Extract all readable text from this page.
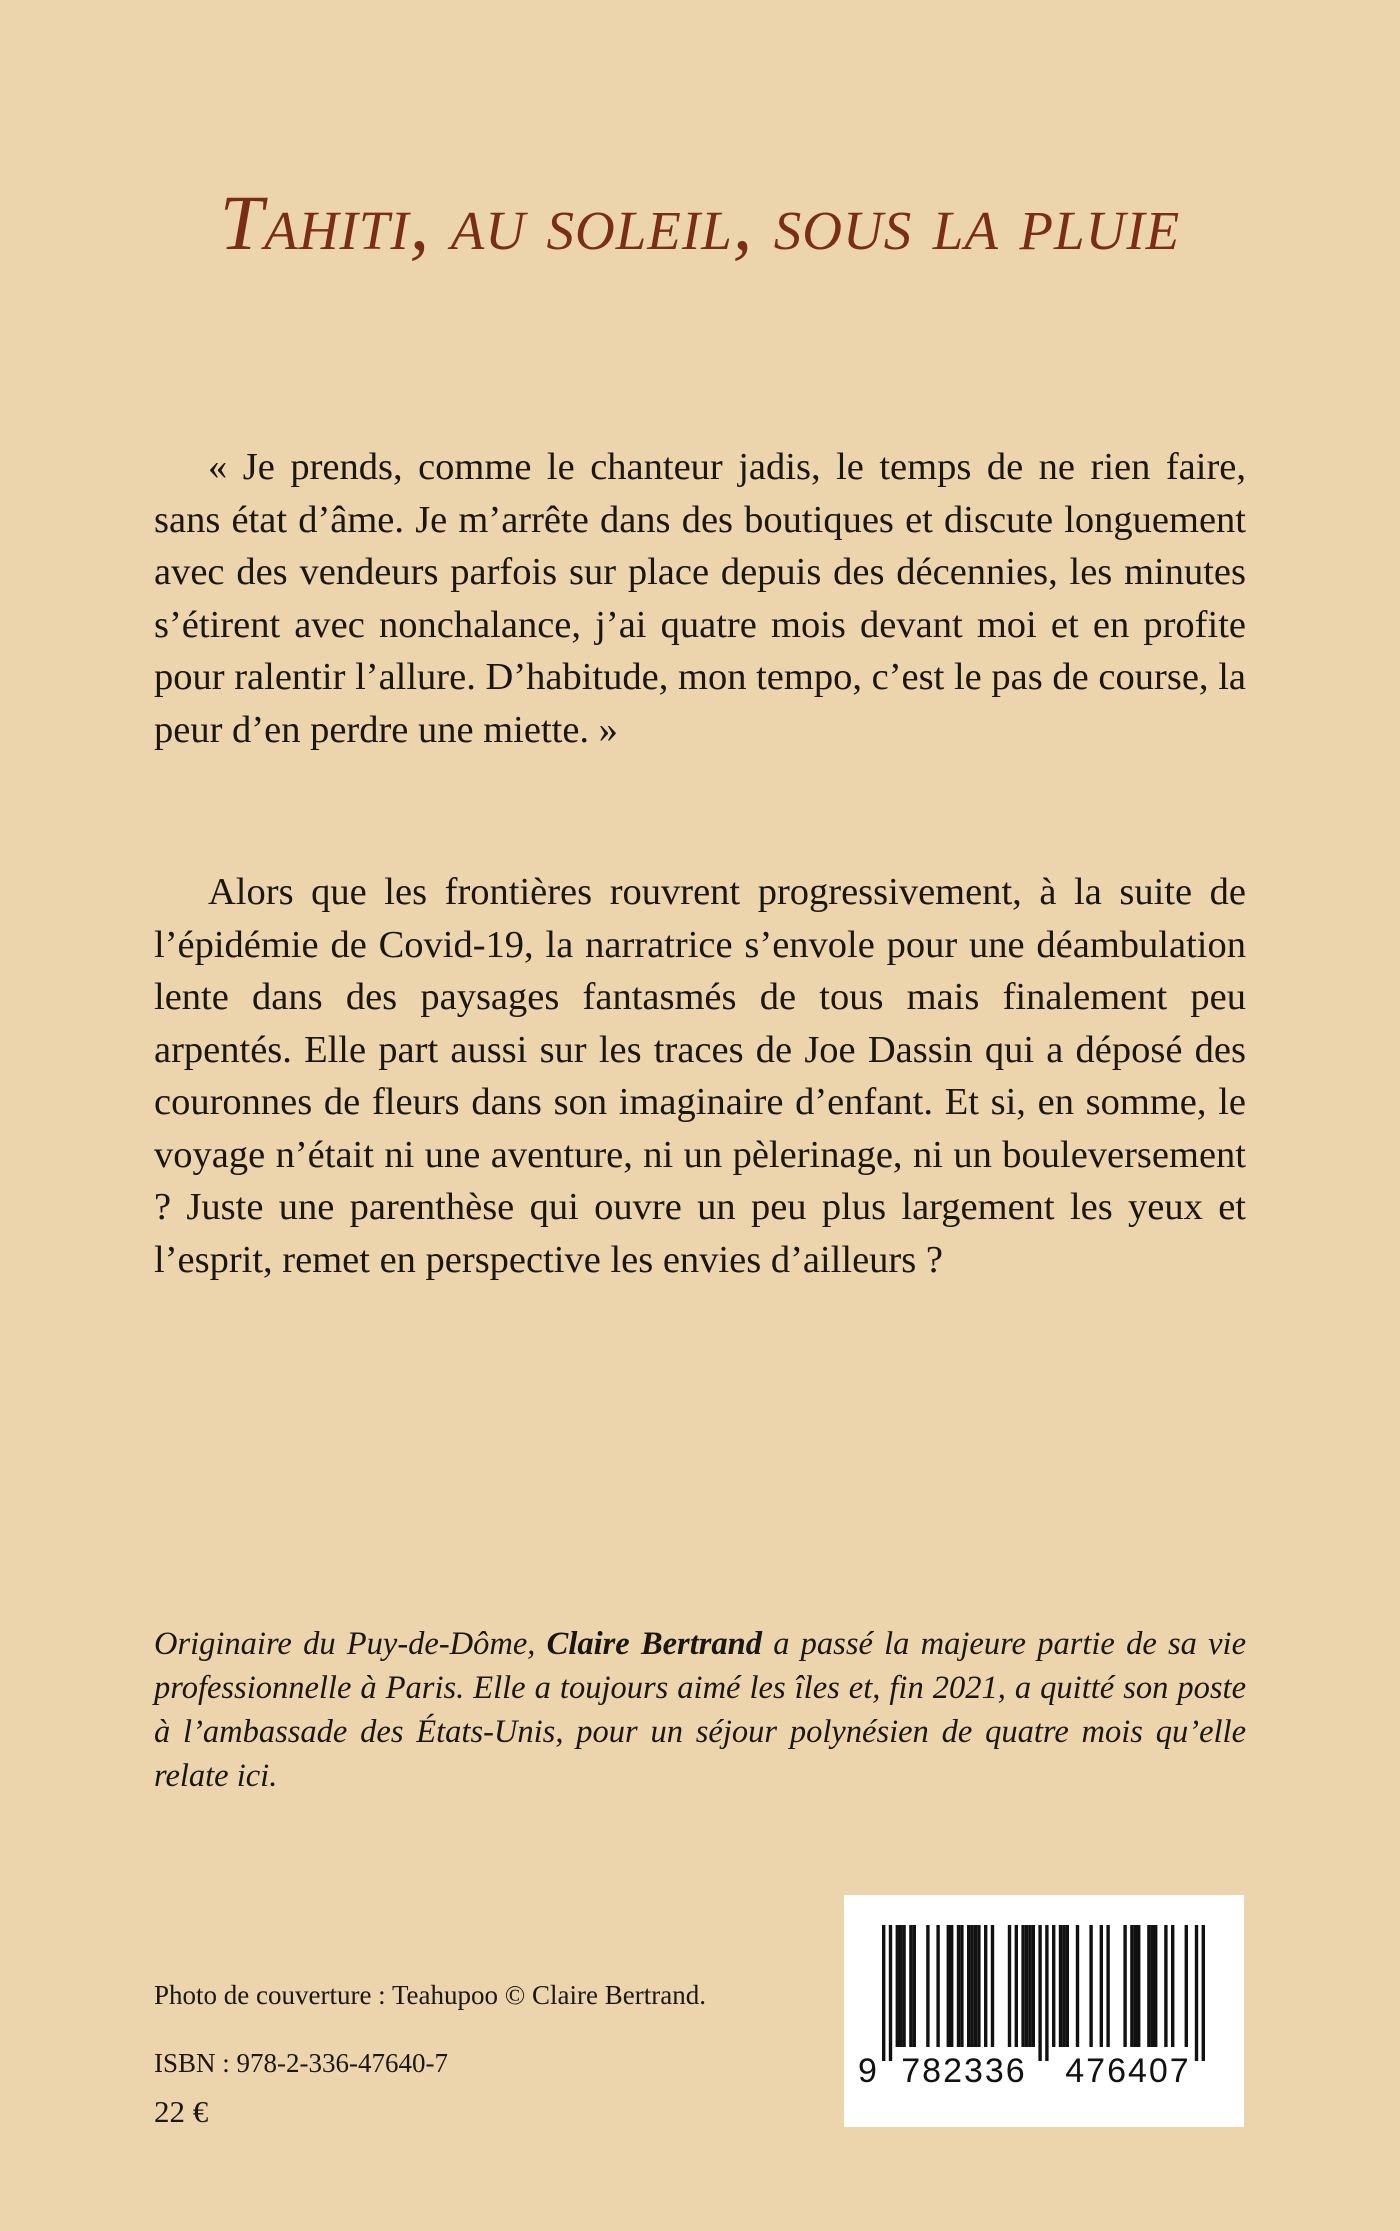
Tahiti, au soleil, sous la pluie

« Je prends, comme le chanteur jadis, le temps de ne rien faire, sans état d’âme. Je m’arrête dans des boutiques et discute longuement avec des vendeurs parfois sur place depuis des décennies, les minutes s’étirent avec nonchalance, j’ai quatre mois devant moi et en profite pour ralentir l’allure. D’habitude, mon tempo, c’est le pas de course, la peur d’en perdre une miette. »

Alors que les frontières rouvrent progressivement, à la suite de l’épidémie de Covid-19, la narratrice s’envole pour une déambulation lente dans des paysages fantasmés de tous mais finalement peu arpentés. Elle part aussi sur les traces de Joe Dassin qui a déposé des couronnes de fleurs dans son imaginaire d’enfant. Et si, en somme, le voyage n’était ni une aventure, ni un pèlerinage, ni un bouleversement ? Juste une parenthèse qui ouvre un peu plus largement les yeux et l’esprit, remet en perspective les envies d’ailleurs ?

Originaire du Puy-de-Dôme, Claire Bertrand a passé la majeure partie de sa vie professionnelle à Paris. Elle a toujours aimé les îles et, fin 2021, a quitté son poste à l’ambassade des États-Unis, pour un séjour polynésien de quatre mois qu’elle relate ici.

Photo de couverture : Teahupoo © Claire Bertrand.

ISBN : 978-2-336-47640-7

22 €

9 782336 476407
